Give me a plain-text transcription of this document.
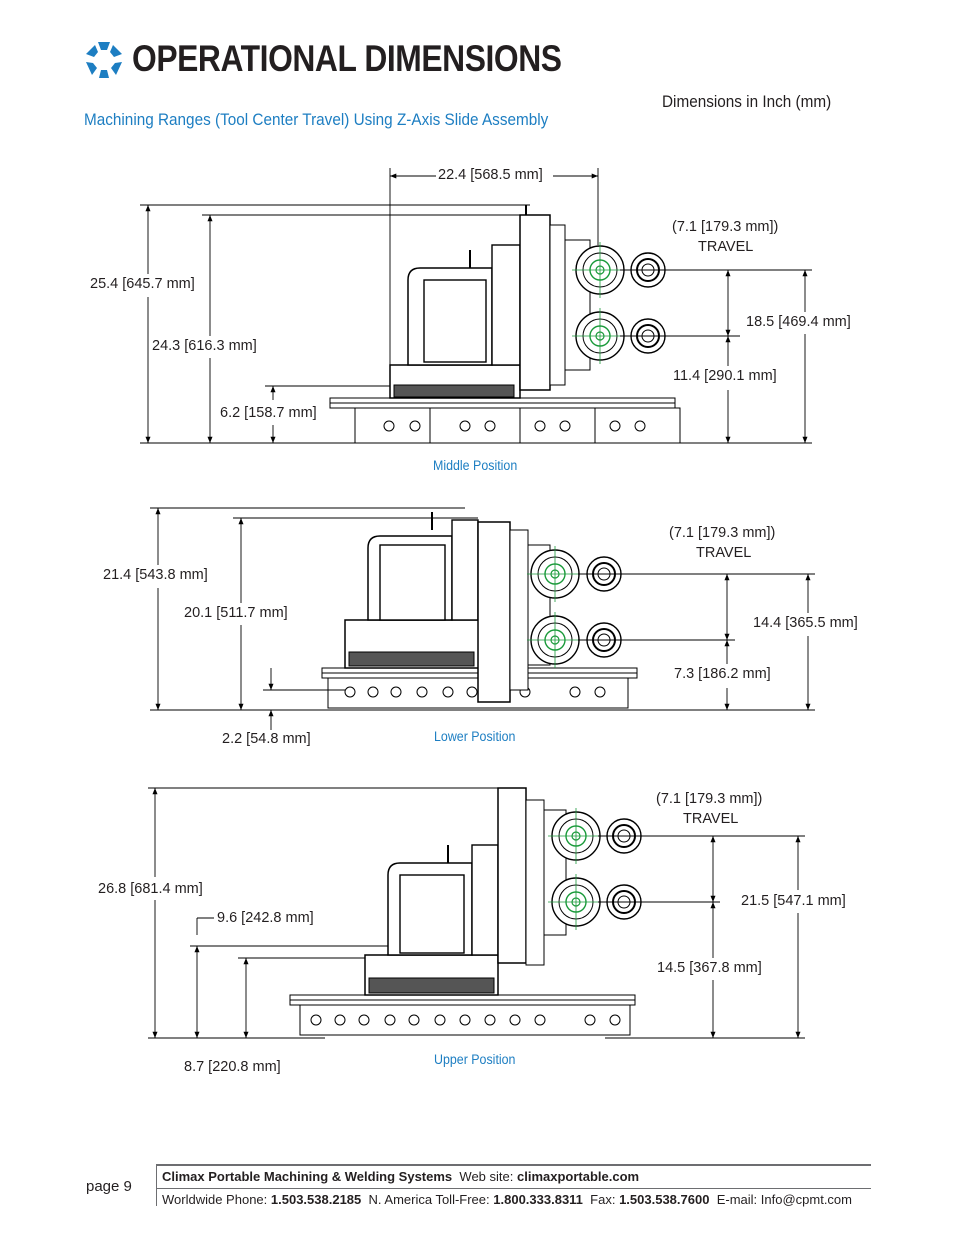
OPERATIONAL DIMENSIONS
Dimensions in Inch (mm)
Machining Ranges (Tool Center Travel) Using Z-Axis Slide Assembly
22.4 [568.5 mm]
25.4 [645.7 mm]
24.3 [616.3 mm]
6.2 [158.7 mm]
(7.1 [179.3 mm])
TRAVEL
18.5 [469.4 mm]
11.4 [290.1 mm]
Middle Position
21.4 [543.8 mm]
20.1 [511.7 mm]
2.2 [54.8 mm]
(7.1 [179.3 mm])
TRAVEL
14.4 [365.5 mm]
7.3 [186.2 mm]
Lower Position
26.8 [681.4 mm]
9.6 [242.8 mm]
8.7 [220.8 mm]
(7.1 [179.3 mm])
TRAVEL
21.5 [547.1 mm]
14.5 [367.8 mm]
Upper Position
page 9
Climax Portable Machining & Welding Systems Web site: climaxportable.com
Worldwide Phone: 1.503.538.2185 N. America Toll-Free: 1.800.333.8311 Fax: 1.503.538.7600 E-mail: Info@cpmt.com
